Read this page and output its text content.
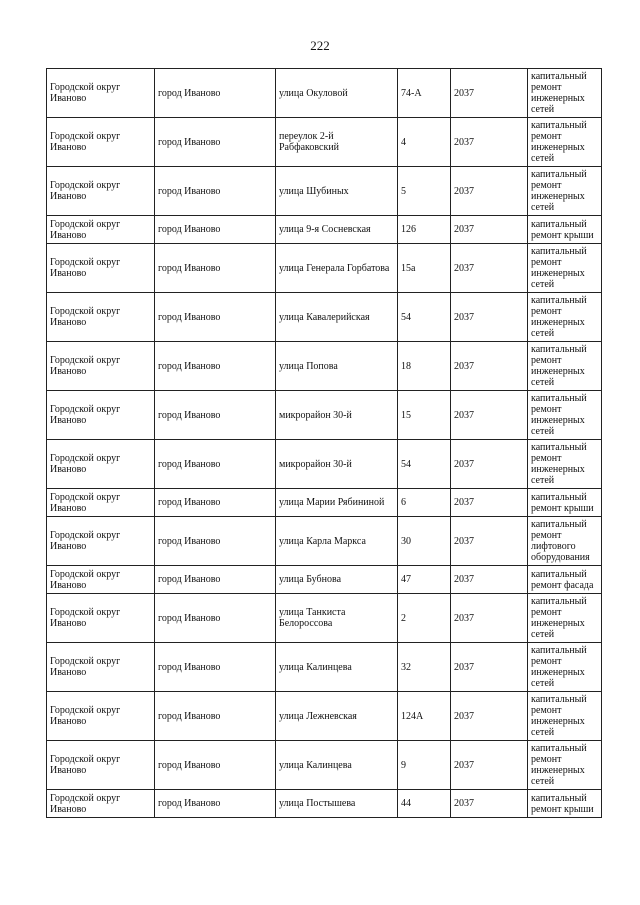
222
Городской округ Иваново	город Иваново	улица Окуловой	74-А	2037	капитальный ремонт инженерных сетей
Городской округ Иваново	город Иваново	переулок 2-й Рабфаковский	4	2037	капитальный ремонт инженерных сетей
Городской округ Иваново	город Иваново	улица Шубиных	5	2037	капитальный ремонт инженерных сетей
Городской округ Иваново	город Иваново	улица 9-я Сосневская	126	2037	капитальный ремонт крыши
Городской округ Иваново	город Иваново	улица Генерала Горбатова	15а	2037	капитальный ремонт инженерных сетей
Городской округ Иваново	город Иваново	улица Кавалерийская	54	2037	капитальный ремонт инженерных сетей
Городской округ Иваново	город Иваново	улица Попова	18	2037	капитальный ремонт инженерных сетей
Городской округ Иваново	город Иваново	микрорайон 30-й	15	2037	капитальный ремонт инженерных сетей
Городской округ Иваново	город Иваново	микрорайон 30-й	54	2037	капитальный ремонт инженерных сетей
Городской округ Иваново	город Иваново	улица Марии Рябининой	6	2037	капитальный ремонт крыши
Городской округ Иваново	город Иваново	улица Карла Маркса	30	2037	капитальный ремонт лифтового оборудования
Городской округ Иваново	город Иваново	улица Бубнова	47	2037	капитальный ремонт фасада
Городской округ Иваново	город Иваново	улица Танкиста Белороссова	2	2037	капитальный ремонт инженерных сетей
Городской округ Иваново	город Иваново	улица Калинцева	32	2037	капитальный ремонт инженерных сетей
Городской округ Иваново	город Иваново	улица Лежневская	124А	2037	капитальный ремонт инженерных сетей
Городской округ Иваново	город Иваново	улица Калинцева	9	2037	капитальный ремонт инженерных сетей
Городской округ Иваново	город Иваново	улица Постышева	44	2037	капитальный ремонт крыши
